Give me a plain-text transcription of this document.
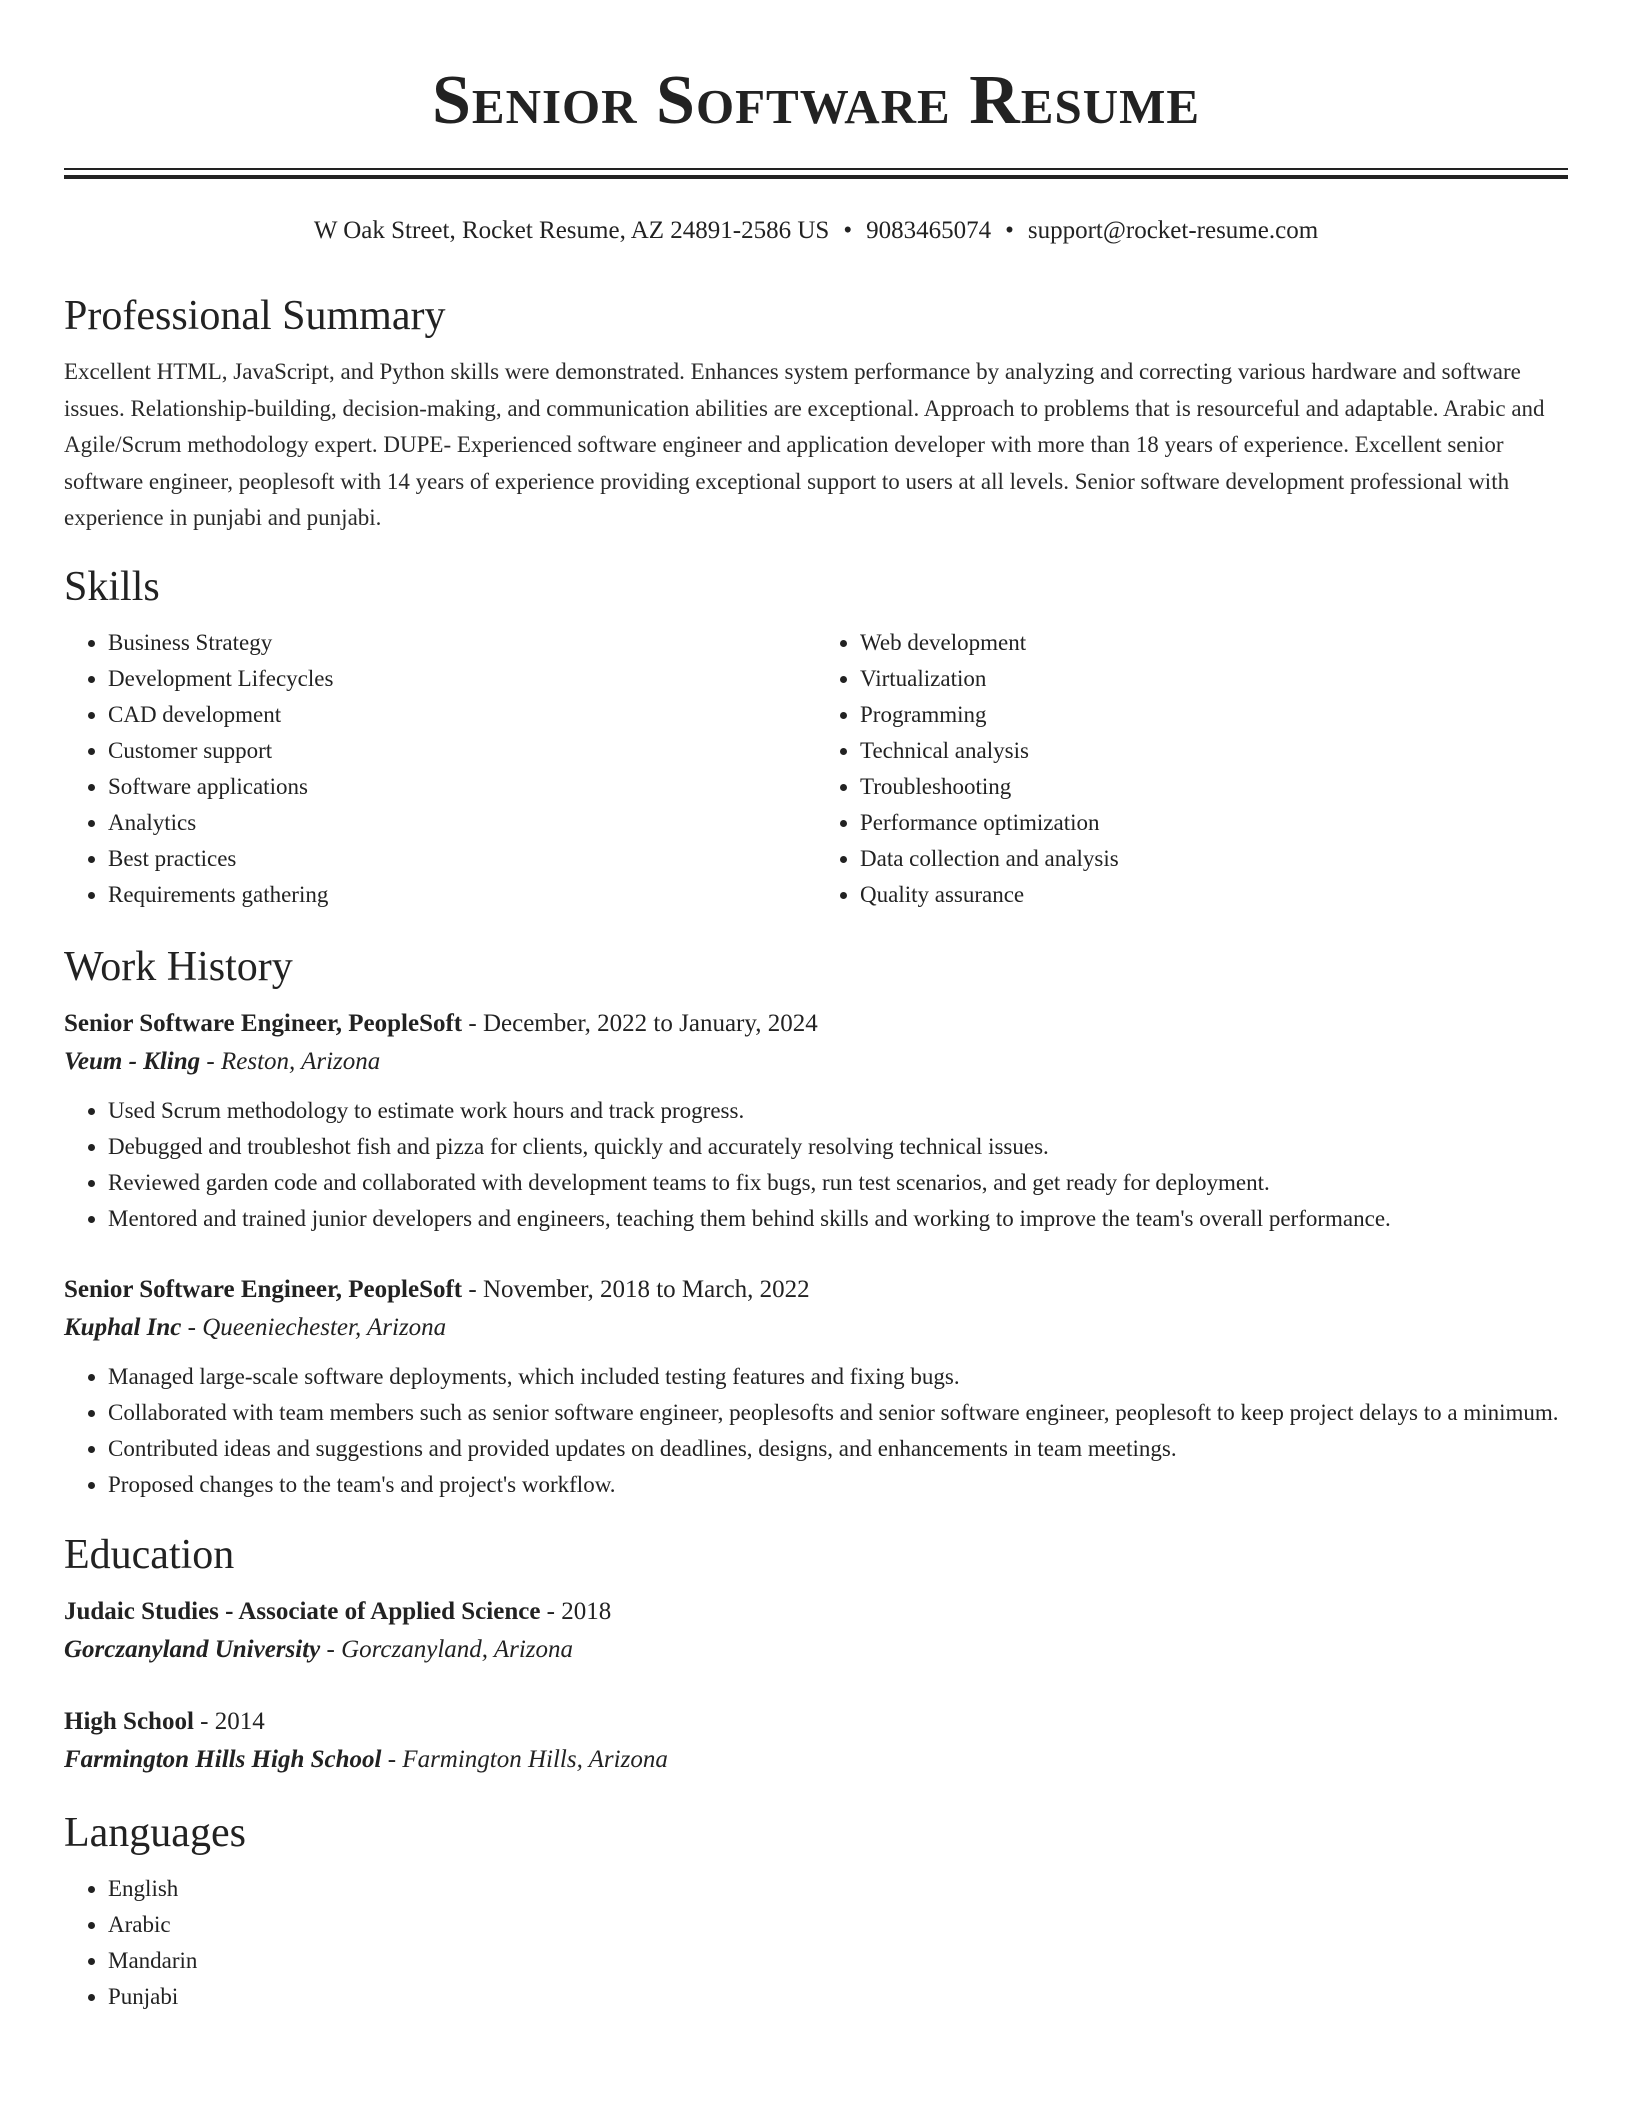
Senior Software Resume
W Oak Street, Rocket Resume, AZ 24891-2586 US • 9083465074 • support@rocket-resume.com
Professional Summary

Excellent HTML, JavaScript, and Python skills were demonstrated. Enhances system performance by analyzing and correcting various hardware and software issues. Relationship-building, decision-making, and communication abilities are exceptional. Approach to problems that is resourceful and adaptable. Arabic and Agile/Scrum methodology expert. DUPE- Experienced software engineer and application developer with more than 18 years of experience. Excellent senior software engineer, peoplesoft with 14 years of experience providing exceptional support to users at all levels. Senior software development professional with experience in punjabi and punjabi.

Skills
• Business Strategy
• Development Lifecycles
• CAD development
• Customer support
• Software applications
• Analytics
• Best practices
• Requirements gathering
• Web development
• Virtualization
• Programming
• Technical analysis
• Troubleshooting
• Performance optimization
• Data collection and analysis
• Quality assurance
Work History

Senior Software Engineer, PeopleSoft - December, 2022 to January, 2024

Veum - Kling - Reston, Arizona

• Used Scrum methodology to estimate work hours and track progress.
• Debugged and troubleshot fish and pizza for clients, quickly and accurately resolving technical issues.
• Reviewed garden code and collaborated with development teams to fix bugs, run test scenarios, and get ready for deployment.
• Mentored and trained junior developers and engineers, teaching them behind skills and working to improve the team's overall performance.

Senior Software Engineer, PeopleSoft - November, 2018 to March, 2022

Kuphal Inc - Queeniechester, Arizona

• Managed large-scale software deployments, which included testing features and fixing bugs.
• Collaborated with team members such as senior software engineer, peoplesofts and senior software engineer, peoplesoft to keep project delays to a minimum.
• Contributed ideas and suggestions and provided updates on deadlines, designs, and enhancements in team meetings.
• Proposed changes to the team's and project's workflow.
Education

Judaic Studies - Associate of Applied Science - 2018

Gorczanyland University - Gorczanyland, Arizona

High School - 2014

Farmington Hills High School - Farmington Hills, Arizona

Languages
• English
• Arabic
• Mandarin
• Punjabi
